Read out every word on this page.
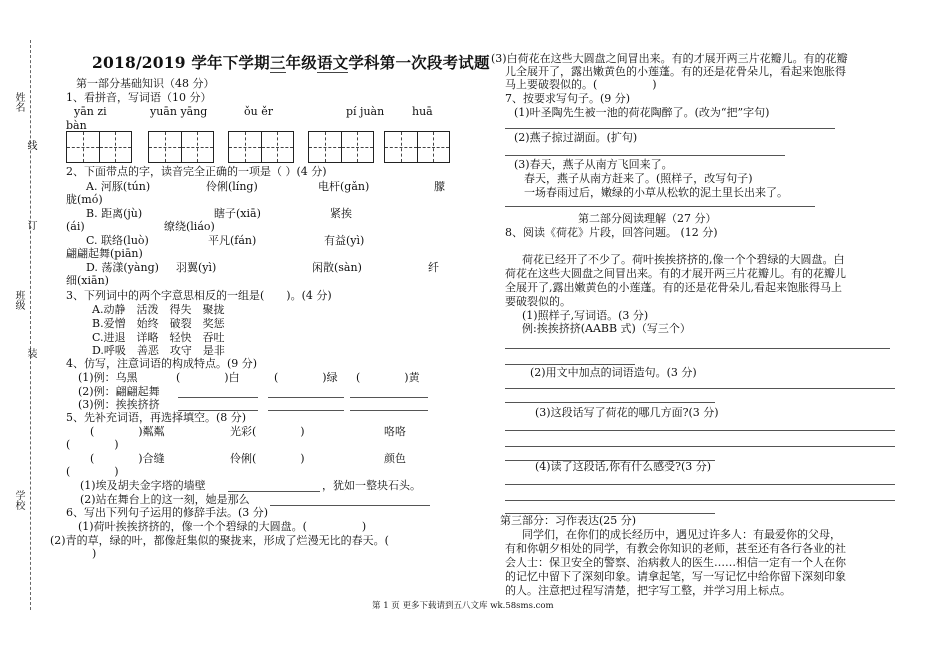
姓名
线
订
班级
装
学校
2018/2019 学年下学期三年级语文学科第一次段考试题
第一部分基础知识（48 分）
1、看拼音，写词语（10 分）
yān zi	yuān yāng	ǒu ěr	pí juàn	huā
bàn
2、下面带点的字，读音完全正确的一项是（ ）(4 分)
A. 河豚(tún)	伶俐(líng)	电杆(gǎn)	朦
胧(mó)
B. 距离(jù)	瞎子(xiā)	紧挨
(ái)	缭绕(liáo)
C. 联络(luò)	平凡(fán)	有益(yì)
翩翩起舞(piān)
D. 荡漾(yàng) 羽翼(yì)	闲散(sàn)	纤
细(xiān)
3、下列词中的两个字意思相反的一组是(　　)。(4 分)
A.动静　活泼　得失　聚拢
B.爱憎　始终　破裂　奖惩
C.进退　详略　轻快　吞吐
D.呼吸　善恶　攻守　是非
4、仿写，注意词语的构成特点。(9 分)
(1)例：乌黑	(　　　　)白	(　　　　)绿 (　　　　)黄
(2)例：翩翩起舞
(3)例：挨挨挤挤
5、先补充词语，再选择填空。(8 分)
(　　　　)粼粼	光彩(　　　　)	咯咯
(　　　　)
(　　　　)合缝	伶俐(　　　　)	颜色
(　　　　)
(1)埃及胡夫金字塔的墙壁	，犹如一整块石头。
(2)站在舞台上的这一刻，她是那么
6、写出下列句子运用的修辞手法。(3 分)
(1)荷叶挨挨挤挤的，像一个个碧绿的大圆盘。(　　　　　)
(2)青的草，绿的叶，都像赶集似的聚拢来，形成了烂漫无比的春天。(
)
(3)白荷花在这些大圆盘之间冒出来。有的才展开两三片花瓣儿。有的花瓣
儿全展开了，露出嫩黄色的小莲蓬。有的还是花骨朵儿，看起来饱胀得
马上要破裂似的。(　　　　　)
7、按要求写句子。(9 分)
(1)叶圣陶先生被一池的荷花陶醉了。(改为“把”字句)
(2)燕子掠过湖面。(扩句)
(3)春天，燕子从南方飞回来了。
春天，燕子从南方赶来了。(照样子，改写句子)
一场春雨过后，嫩绿的小草从松软的泥土里长出来了。
第二部分阅读理解（27 分）
8、阅读《荷花》片段，回答问题。 (12 分)
荷花已经开了不少了。荷叶挨挨挤挤的,像一个个碧绿的大圆盘。白
荷花在这些大圆盘之间冒出来。有的才展开两三片花瓣儿。有的花瓣儿
全展开了,露出嫩黄色的小莲蓬。有的还是花骨朵儿,看起来饱胀得马上
要破裂似的。
(1)照样子,写词语。(3 分)
例:挨挨挤挤(AABB 式)（写三个）
(2)用文中加点的词语造句。(3 分)
(3)这段话写了荷花的哪几方面?(3 分)
(4)读了这段话,你有什么感受?(3 分)
第三部分：习作表达(25 分)
同学们，在你们的成长经历中，遇见过许多人：有最爱你的父母，
有和你朝夕相处的同学，有教会你知识的老师，甚至还有各行各业的社
会人士：保卫安全的警察、治病救人的医生……相信一定有一个人在你
的记忆中留下了深刻印象。请拿起笔，写一写记忆中给你留下深刻印象
的人。注意把过程写清楚，把字写工整，并学习用上标点。
第 1 页 更多下载请到五八文库 wk.58sms.com
